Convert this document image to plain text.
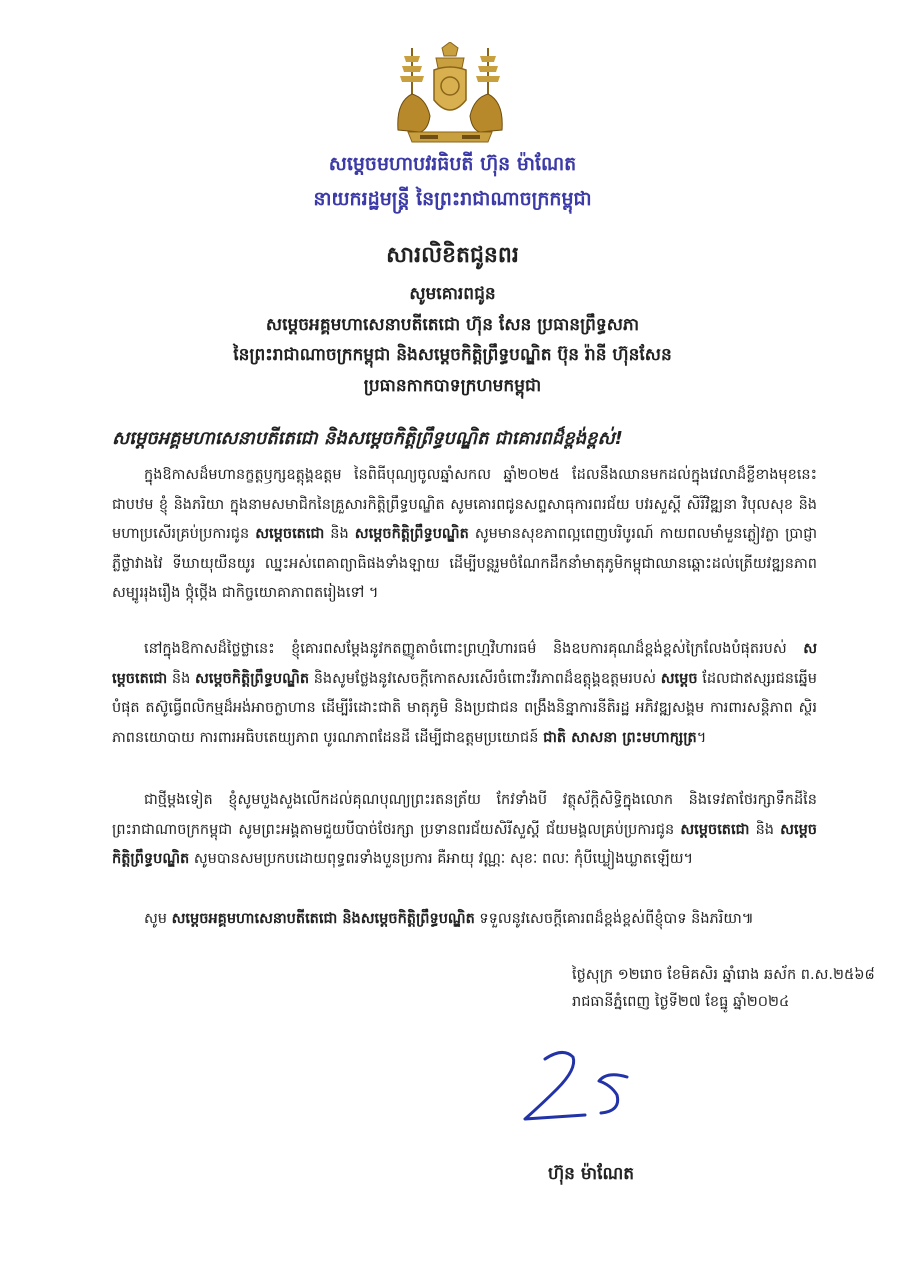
សម្តេចមហាបវរធិបតី ហ៊ុន ម៉ាណែត
នាយករដ្ឋមន្ត្រី នៃព្រះរាជាណាចក្រកម្ពុជា
សារលិខិតជូនពរ
សូមគោរពជូន
សម្តេចអគ្គមហាសេនាបតីតេជោ ហ៊ុន សែន ប្រធានព្រឹទ្ធសភា
នៃព្រះរាជាណាចក្រកម្ពុជា និងសម្តេចកិត្តិព្រឹទ្ធបណ្ឌិត ប៊ុន រ៉ានី ហ៊ុនសែន
ប្រធានកាកបាទក្រហមកម្ពុជា
សម្តេចអគ្គមហាសេនាបតីតេជោ និងសម្តេចកិត្តិព្រឹទ្ធបណ្ឌិត ជាគោរពដ៏ខ្ពង់ខ្ពស់!

ក្នុងឱកាសដ៏មហានក្ខត្តឫក្សឧត្តុង្គឧត្តម នៃពិធីបុណ្យចូលឆ្នាំសកល ឆ្នាំ២០២៥ ដែលនឹងឈានមកដល់ក្នុងវេលាដ៏ខ្លីខាងមុខនេះ ជាបឋម ខ្ញុំ និងភរិយា ក្នុងនាមសមាជិកនៃគ្រួសារកិត្តិព្រឹទ្ធបណ្ឌិត សូមគោរពជូនសព្ទសាធុការពរជ័យ បវរសួស្តី សិរីវិឌ្ឍនា វិបុលសុខ និងមហាប្រសើរគ្រប់ប្រការជូន សម្តេចតេជោ និង សម្តេចកិត្តិព្រឹទ្ធបណ្ឌិត សូមមានសុខភាពល្អពេញបរិបូរណ៍ កាយពលមាំមួនភ្លៀវភ្លា ប្រាជ្ញាភ្លឺថ្លាវាងវៃ ទីឃាយុយឺនយូរ ឈ្នះអស់ពេគាព្យាធិផងទាំងឡាយ ដើម្បីបន្តរួមចំណែកដឹកនាំមាតុភូមិកម្ពុជាឈានឆ្ពោះដល់ត្រើយវឌ្ឍនភាព សម្បូររុងរឿង ថ្កុំថ្កើង ជាកិច្ចយោគាភាពតរៀងទៅ ។

នៅក្នុងឱកាសដ៏ថ្លៃថ្លានេះ ខ្ញុំគោរពសម្តែងនូវកតញ្ញូតាចំពោះព្រហ្មវិហារធម៌ និងឧបការគុណដ៏ខ្ពង់ខ្ពស់ក្រៃលែងបំផុតរបស់ សម្តេចតេជោ និង សម្តេចកិត្តិព្រឹទ្ធបណ្ឌិត និងសូមថ្លែងនូវសេចក្តីកោតសរសើរចំពោះវីរភាពដ៏ឧត្តុង្គឧត្តមរបស់ សម្តេច ដែលជាឥស្សរជនឆ្នើមបំផុត តស៊ូធ្វើពលិកម្មដ៏អង់អាចក្លាហាន ដើម្បីរំដោះជាតិ មាតុភូមិ និងប្រជាជន ពង្រឹងនិន្នាការនីតិរដ្ឋ អភិវឌ្ឍសង្គម ការពារសន្តិភាព ស្ថិរភាពនយោបាយ ការពារអធិបតេយ្យភាព បូរណភាពដែនដី ដើម្បីជាឧត្តមប្រយោជន៍ ជាតិ សាសនា ព្រះមហាក្សត្រ។

ជាថ្មីម្តងទៀត ខ្ញុំសូមបួងសួងលើកដល់គុណបុណ្យព្រះរតនត្រ័យ កែវទាំងបី វត្ថុស័ក្តិសិទ្ធិក្នុងលោក និងទេវតាថែរក្សាទឹកដីនៃព្រះរាជាណាចក្រកម្ពុជា សូមព្រះអង្គតាមជួយបីបាច់ថែរក្សា ប្រទានពរជ័យសិរីសួស្តី ជ័យមង្គលគ្រប់ប្រការជូន សម្តេចតេជោ និង សម្តេចកិត្តិព្រឹទ្ធបណ្ឌិត សូមបានសមប្រកបដោយពុទ្ធពរទាំងបួនប្រការ គឺអាយុ វណ្ណៈ សុខៈ ពលៈ កុំបីឃ្លៀងឃ្លាតឡើយ។

សូម សម្តេចអគ្គមហាសេនាបតីតេជោ និងសម្តេចកិត្តិព្រឹទ្ធបណ្ឌិត ទទួលនូវសេចក្តីគោរពដ៏ខ្ពង់ខ្ពស់ពីខ្ញុំបាទ និងភរិយា៕

ថ្ងៃសុក្រ ១២រោច ខែមិគសិរ ឆ្នាំរោង ឆស័ក ព.ស.២៥៦៨
រាជធានីភ្នំពេញ ថ្ងៃទី២៧ ខែធ្នូ ឆ្នាំ២០២៤
ហ៊ុន ម៉ាណែត
